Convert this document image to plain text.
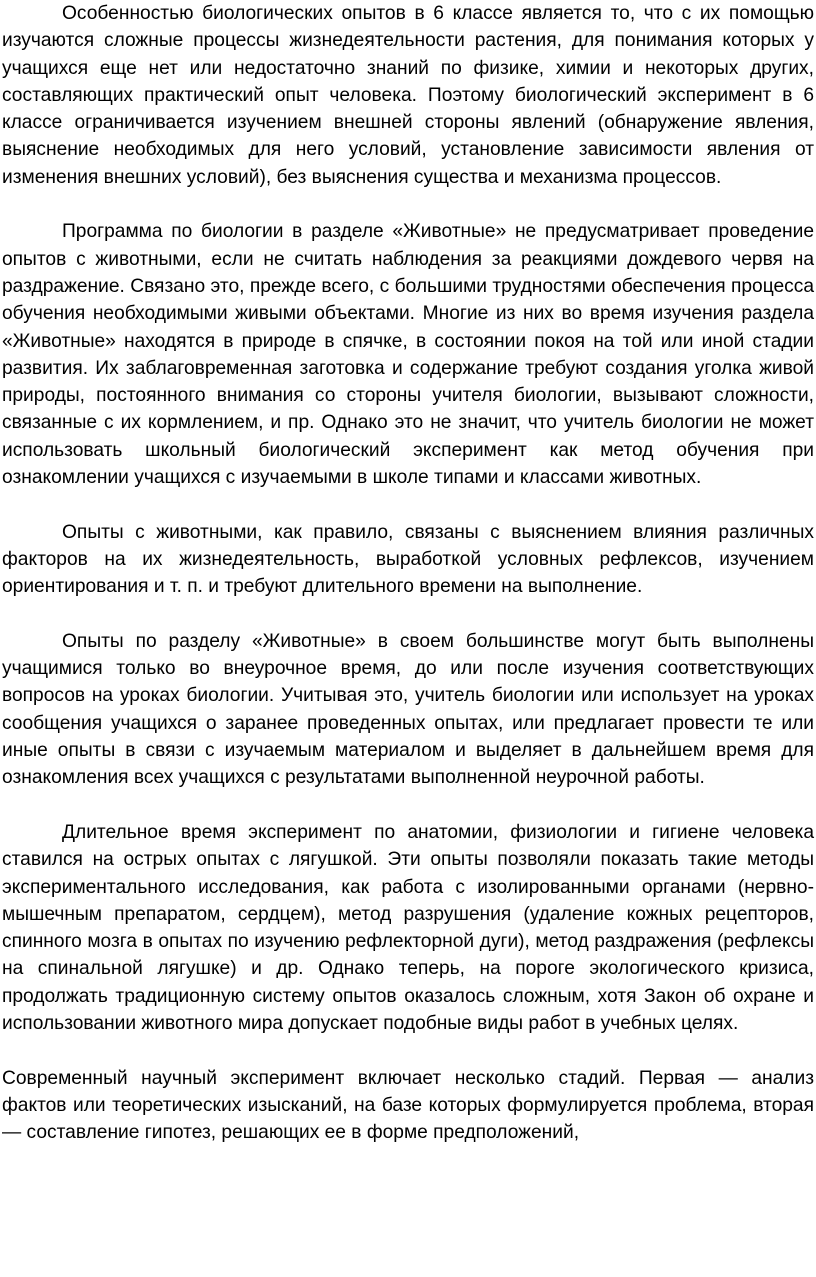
Особенностью биологических опытов в 6 классе является то, что с их помощью изучаются сложные процессы жизнедеятельности растения, для понимания которых у учащихся еще нет или недостаточно знаний по физике, химии и некоторых других, составляющих практический опыт человека. Поэтому биологический эксперимент в 6 классе ограничивается изучением внешней стороны явлений (обнаружение явления, выяснение необходимых для него условий, установление зависимости явления от изменения внешних условий), без выяснения существа и механизма процессов.

Программа по биологии в разделе «Животные» не предусматривает проведение опытов с животными, если не считать наблюдения за реакциями дождевого червя на раздражение. Связано это, прежде всего, с большими трудностями обеспечения процесса обучения необходимыми живыми объектами. Многие из них во время изучения раздела «Животные» находятся в природе в спячке, в состоянии покоя на той или иной стадии развития. Их заблаговременная заготовка и содержание требуют создания уголка живой природы, постоянного внимания со стороны учителя биологии, вызывают сложности, связанные с их кормлением, и пр. Однако это не значит, что учитель биологии не может использовать школьный биологический эксперимент как метод обучения при ознакомлении учащихся с изучаемыми в школе типами и классами животных.

Опыты с животными, как правило, связаны с выяснением влияния различных факторов на их жизнедеятельность, выработкой условных рефлексов, изучением ориентирования и т. п. и требуют длительного времени на выполнение.

Опыты по разделу «Животные» в своем большинстве могут быть выполнены учащимися только во внеурочное время, до или после изучения соответствующих вопросов на уроках биологии. Учитывая это, учитель биологии или использует на уроках сообщения учащихся о заранее проведенных опытах, или предлагает провести те или иные опыты в связи с изучаемым материалом и выделяет в дальнейшем время для ознакомления всех учащихся с результатами выполненной неурочной работы.

Длительное время эксперимент по анатомии, физиологии и гигиене человека ставился на острых опытах с лягушкой. Эти опыты позволяли показать такие методы экспериментального исследования, как работа с изолированными органами (нервно-мышечным препаратом, сердцем), метод разрушения (удаление кожных рецепторов, спинного мозга в опытах по изучению рефлекторной дуги), метод раздражения (рефлексы на спинальной лягушке) и др. Однако теперь, на пороге экологического кризиса, продолжать традиционную систему опытов оказалось сложным, хотя Закон об охране и использовании животного мира допускает подобные виды работ в учебных целях.

Современный научный эксперимент включает несколько стадий. Первая — анализ фактов или теоретических изысканий, на базе которых формулируется проблема, вторая — составление гипотез, решающих ее в форме предположений,
